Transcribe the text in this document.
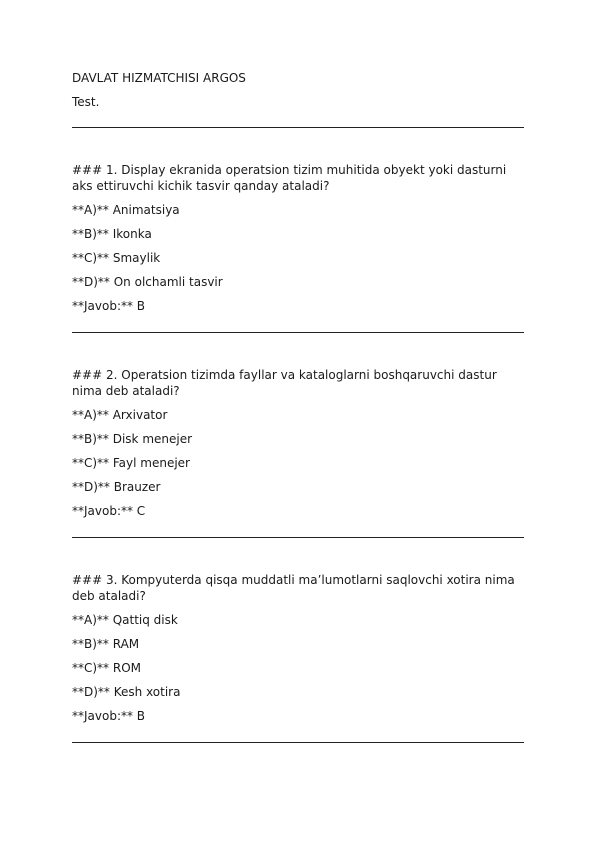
DAVLAT HIZMATCHISI ARGOS

Test.

### 1. Display ekranida operatsion tizim muhitida obyekt yoki dasturni
aks ettiruvchi kichik tasvir qanday ataladi?

**A)** Animatsiya

**B)** Ikonka

**C)** Smaylik

**D)** On olchamli tasvir

**Javob:** B

### 2. Operatsion tizimda fayllar va kataloglarni boshqaruvchi dastur
nima deb ataladi?

**A)** Arxivator

**B)** Disk menejer

**C)** Fayl menejer

**D)** Brauzer

**Javob:** C

### 3. Kompyuterda qisqa muddatli ma’lumotlarni saqlovchi xotira nima
deb ataladi?

**A)** Qattiq disk

**B)** RAM

**C)** ROM

**D)** Kesh xotira

**Javob:** B
